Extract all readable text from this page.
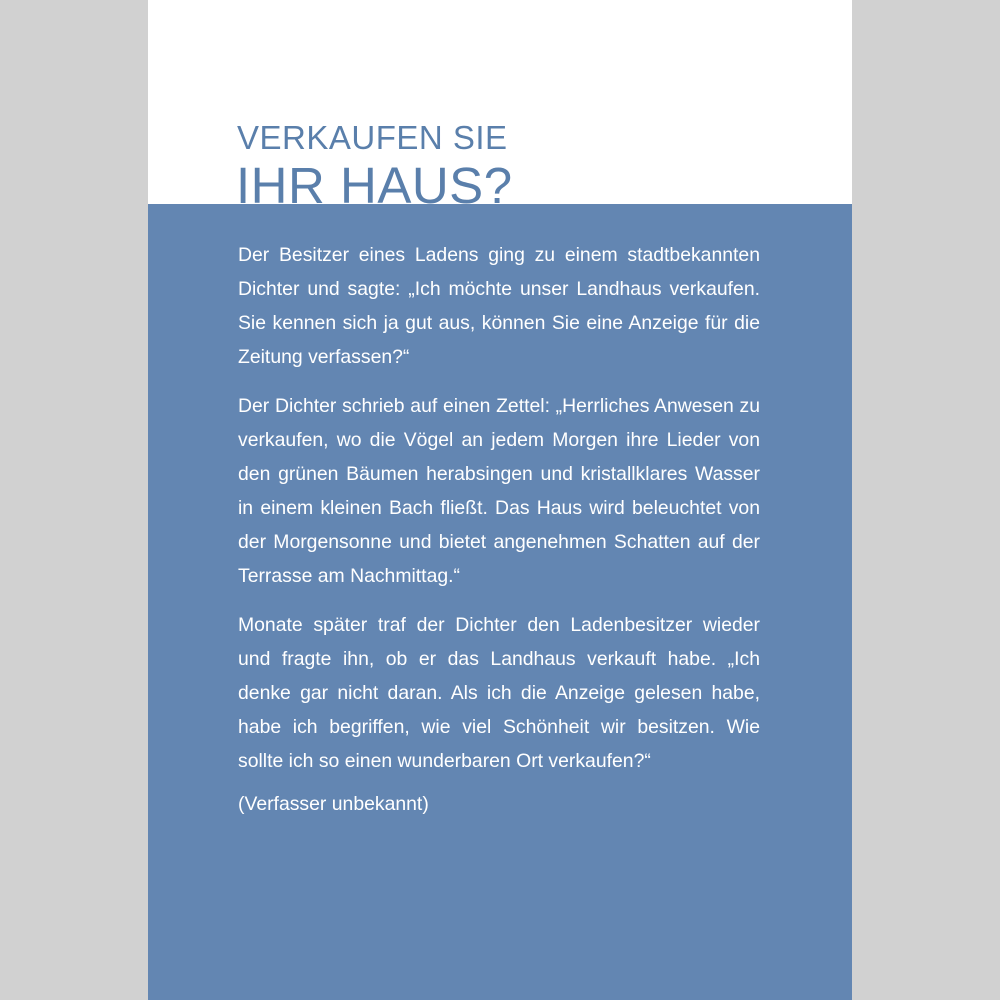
VERKAUFEN SIE
IHR HAUS?

Der Besitzer eines Ladens ging zu einem stadtbekannten Dichter und sagte: „Ich möchte unser Landhaus verkaufen. Sie kennen sich ja gut aus, können Sie eine Anzeige für die Zeitung verfassen?“

Der Dichter schrieb auf einen Zettel: „Herrliches Anwesen zu verkaufen, wo die Vögel an jedem Morgen ihre Lieder von den grünen Bäumen herabsingen und kristallklares Wasser in einem kleinen Bach fließt. Das Haus wird beleuchtet von der Morgensonne und bietet angenehmen Schatten auf der Terrasse am Nachmittag.“

Monate später traf der Dichter den Ladenbesitzer wieder und fragte ihn, ob er das Landhaus verkauft habe. „Ich denke gar nicht daran. Als ich die Anzeige gelesen habe, habe ich begriffen, wie viel Schönheit wir besitzen. Wie sollte ich so einen wunderbaren Ort verkaufen?“

(Verfasser unbekannt)
